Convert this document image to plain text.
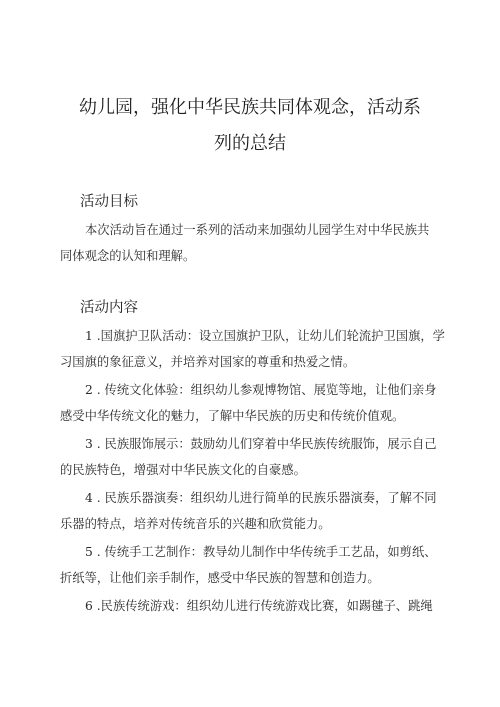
幼儿园，强化中华民族共同体观念，活动系
列的总结
活动目标

本次活动旨在通过一系列的活动来加强幼儿园学生对中华民族共

同体观念的认知和理解。

活动内容

1 .国旗护卫队活动：设立国旗护卫队，让幼儿们轮流护卫国旗，学

习国旗的象征意义，并培养对国家的尊重和热爱之情。

2 . 传统文化体验：组织幼儿参观博物馆、展览等地，让他们亲身

感受中华传统文化的魅力，了解中华民族的历史和传统价值观。

3 . 民族服饰展示：鼓励幼儿们穿着中华民族传统服饰，展示自己

的民族特色，增强对中华民族文化的自豪感。

4 . 民族乐器演奏：组织幼儿进行简单的民族乐器演奏，了解不同

乐器的特点，培养对传统音乐的兴趣和欣赏能力。

5 . 传统手工艺制作：教导幼儿制作中华传统手工艺品，如剪纸、

折纸等，让他们亲手制作，感受中华民族的智慧和创造力。

6 .民族传统游戏：组织幼儿进行传统游戏比赛，如踢毽子、跳绳
